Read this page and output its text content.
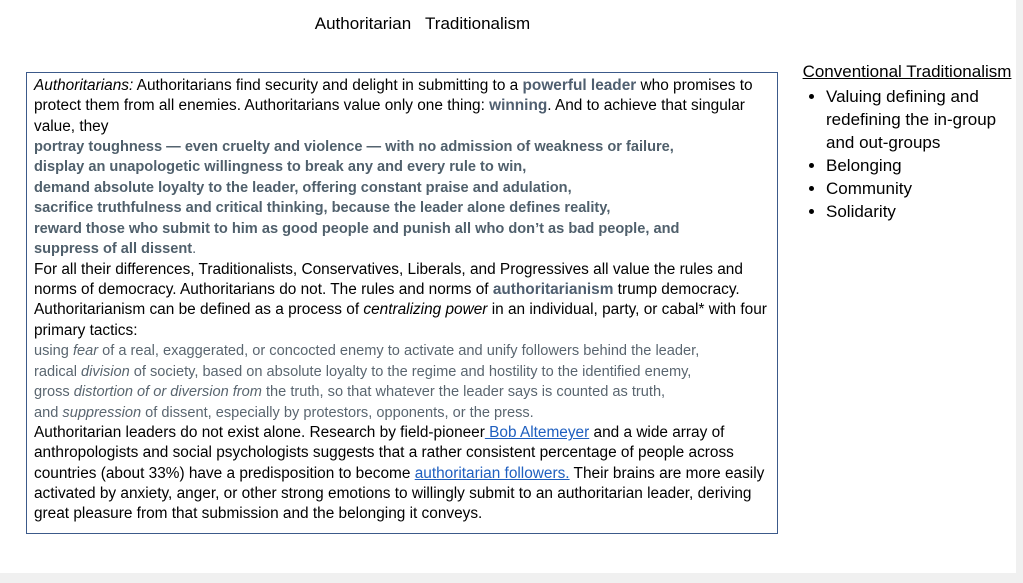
Authoritarian Traditionalism

Authoritarians: Authoritarians find security and delight in submitting to a powerful leader who promises to protect them from all enemies. Authoritarians value only one thing: winning. And to achieve that singular value, they

portray toughness — even cruelty and violence — with no admission of weakness or failure,
display an unapologetic willingness to break any and every rule to win,
demand absolute loyalty to the leader, offering constant praise and adulation,
sacrifice truthfulness and critical thinking, because the leader alone defines reality,
reward those who submit to him as good people and punish all who don’t as bad people, and
suppress of all dissent.

For all their differences, Traditionalists, Conservatives, Liberals, and Progressives all value the rules and norms of democracy. Authoritarians do not. The rules and norms of authoritarianism trump democracy. Authoritarianism can be defined as a process of centralizing power in an individual, party, or cabal* with four primary tactics:

using fear of a real, exaggerated, or concocted enemy to activate and unify followers behind the leader,
radical division of society, based on absolute loyalty to the regime and hostility to the identified enemy,
gross distortion of or diversion from the truth, so that whatever the leader says is counted as truth,
and suppression of dissent, especially by protestors, opponents, or the press.

Authoritarian leaders do not exist alone. Research by field-pioneer Bob Altemeyer and a wide array of anthropologists and social psychologists suggests that a rather consistent percentage of people across countries (about 33%) have a predisposition to become authoritarian followers. Their brains are more easily activated by anxiety, anger, or other strong emotions to willingly submit to an authoritarian leader, deriving great pleasure from that submission and the belonging it conveys.

Conventional Traditionalism
• Valuing defining and redefining the in-group and out-groups
• Belonging
• Community
• Solidarity
